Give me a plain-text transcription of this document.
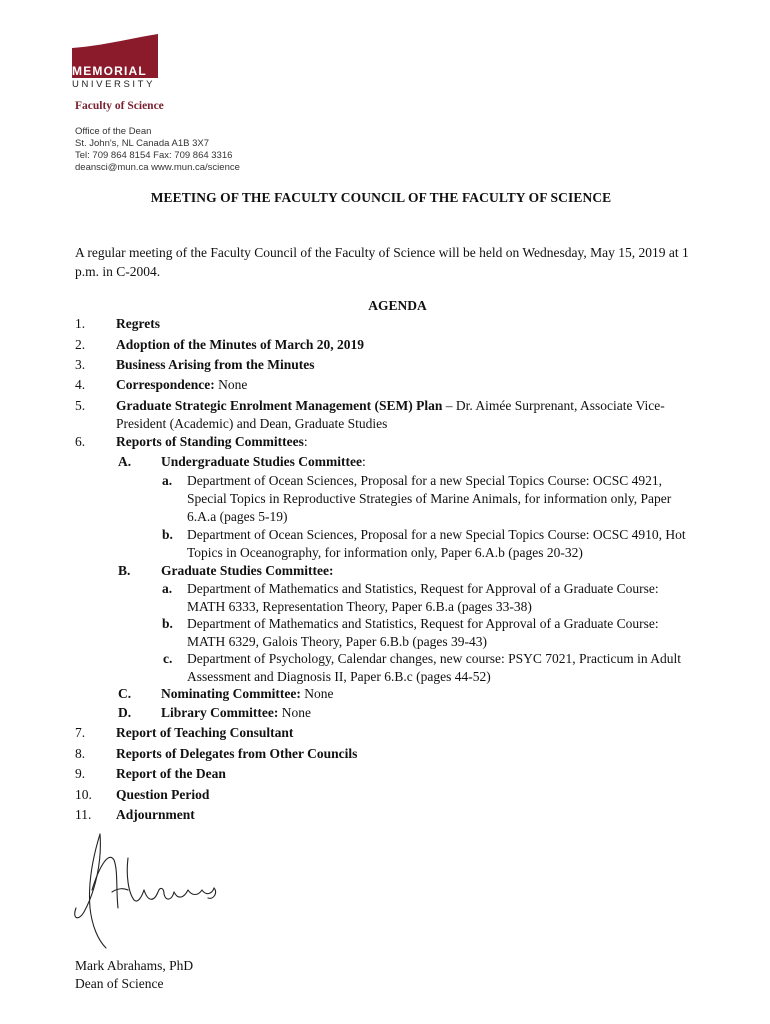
MEMORIAL
UNIVERSITY
Faculty of Science
Office of the Dean
St. John's, NL Canada A1B 3X7
Tel: 709 864 8154 Fax: 709 864 3316
deansci@mun.ca www.mun.ca/science
MEETING OF THE FACULTY COUNCIL OF THE FACULTY OF SCIENCE
A regular meeting of the Faculty Council of the Faculty of Science will be held on Wednesday, May 15, 2019 at 1 p.m. in C-2004.
AGENDA
1. Regrets
2. Adoption of the Minutes of March 20, 2019
3. Business Arising from the Minutes
4. Correspondence: None
5. Graduate Strategic Enrolment Management (SEM) Plan – Dr. Aimée Surprenant, Associate Vice-President (Academic) and Dean, Graduate Studies
6. Reports of Standing Committees:
A. Undergraduate Studies Committee:
a. Department of Ocean Sciences, Proposal for a new Special Topics Course: OCSC 4921, Special Topics in Reproductive Strategies of Marine Animals, for information only, Paper 6.A.a (pages 5-19)
b. Department of Ocean Sciences, Proposal for a new Special Topics Course: OCSC 4910, Hot Topics in Oceanography, for information only, Paper 6.A.b (pages 20-32)
B. Graduate Studies Committee:
a. Department of Mathematics and Statistics, Request for Approval of a Graduate Course: MATH 6333, Representation Theory, Paper 6.B.a (pages 33-38)
b. Department of Mathematics and Statistics, Request for Approval of a Graduate Course: MATH 6329, Galois Theory, Paper 6.B.b (pages 39-43)
c. Department of Psychology, Calendar changes, new course: PSYC 7021, Practicum in Adult Assessment and Diagnosis II, Paper 6.B.c (pages 44-52)
C. Nominating Committee: None
D. Library Committee: None
7. Report of Teaching Consultant
8. Reports of Delegates from Other Councils
9. Report of the Dean
10. Question Period
11. Adjournment
Mark Abrahams, PhD
Dean of Science
